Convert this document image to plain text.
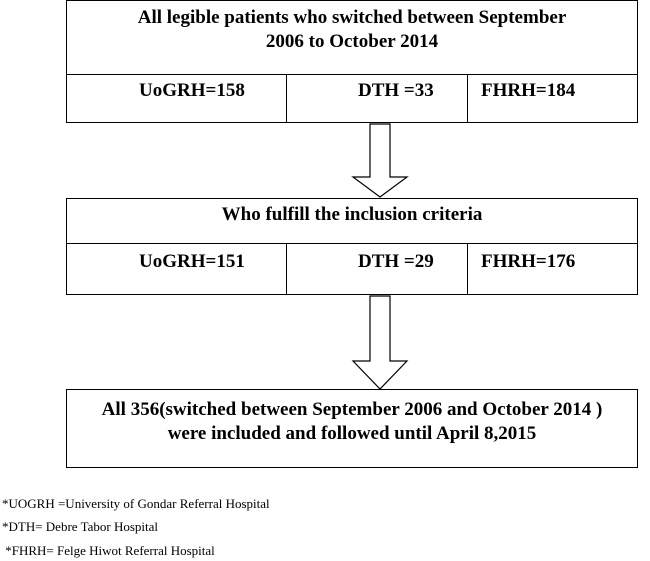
All legible patients who switched between September
2006 to October 2014
UoGRH=158	DTH =33 FHRH=184
Who fulfill the inclusion criteria
UoGRH=151	DTH =29 FHRH=176
All 356(switched between September 2006 and October 2014 )
were included and followed until April 8,2015
*UOGRH =University of Gondar Referral Hospital
*DTH= Debre Tabor Hospital
*FHRH= Felge Hiwot Referral Hospital
